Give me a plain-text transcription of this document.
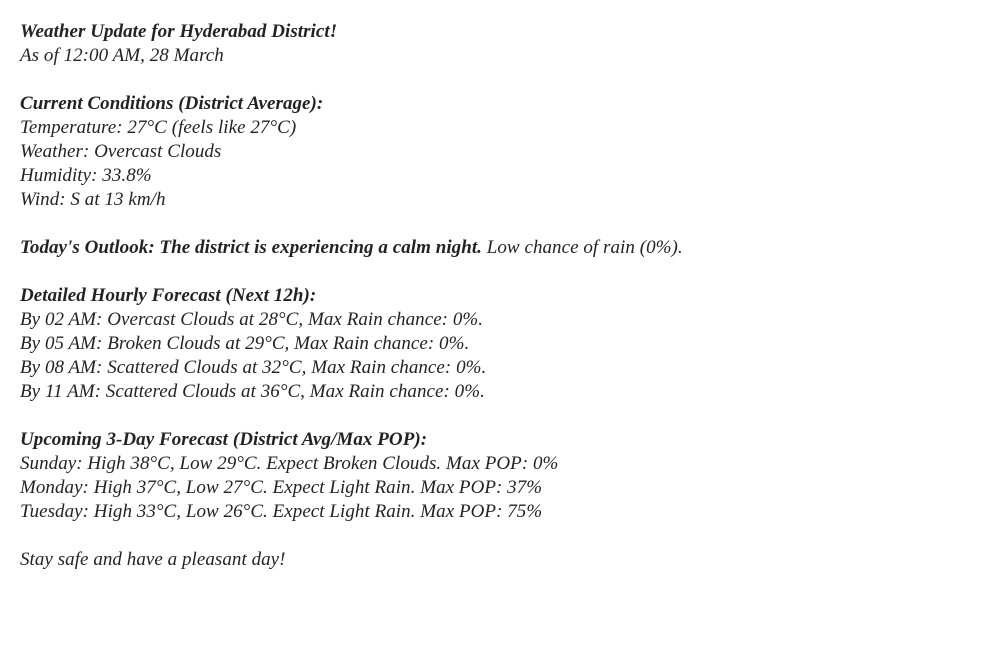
Weather Update for Hyderabad District!
As of 12:00 AM, 28 March
Current Conditions (District Average):
Temperature: 27°C (feels like 27°C)
Weather: Overcast Clouds
Humidity: 33.8%
Wind: S at 13 km/h
Today's Outlook: The district is experiencing a calm night. Low chance of rain (0%).
Detailed Hourly Forecast (Next 12h):
By 02 AM: Overcast Clouds at 28°C, Max Rain chance: 0%.
By 05 AM: Broken Clouds at 29°C, Max Rain chance: 0%.
By 08 AM: Scattered Clouds at 32°C, Max Rain chance: 0%.
By 11 AM: Scattered Clouds at 36°C, Max Rain chance: 0%.
Upcoming 3-Day Forecast (District Avg/Max POP):
Sunday: High 38°C, Low 29°C. Expect Broken Clouds. Max POP: 0%
Monday: High 37°C, Low 27°C. Expect Light Rain. Max POP: 37%
Tuesday: High 33°C, Low 26°C. Expect Light Rain. Max POP: 75%
Stay safe and have a pleasant day!
